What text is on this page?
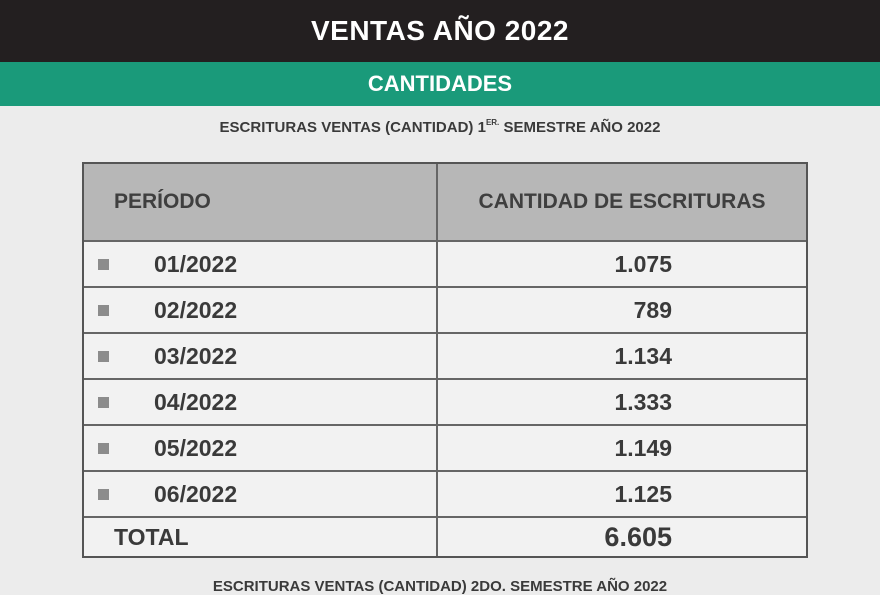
VENTAS AÑO 2022
CANTIDADES
ESCRITURAS VENTAS (CANTIDAD) $1^{ER.}$ SEMESTRE AÑO 2022
PERÍODO	CANTIDAD DE ESCRITURAS
01/2022	1.075
02/2022	789
03/2022	1.134
04/2022	1.333
05/2022	1.149
06/2022	1.125
TOTAL	6.605
ESCRITURAS VENTAS (CANTIDAD) 2DO. SEMESTRE AÑO 2022
